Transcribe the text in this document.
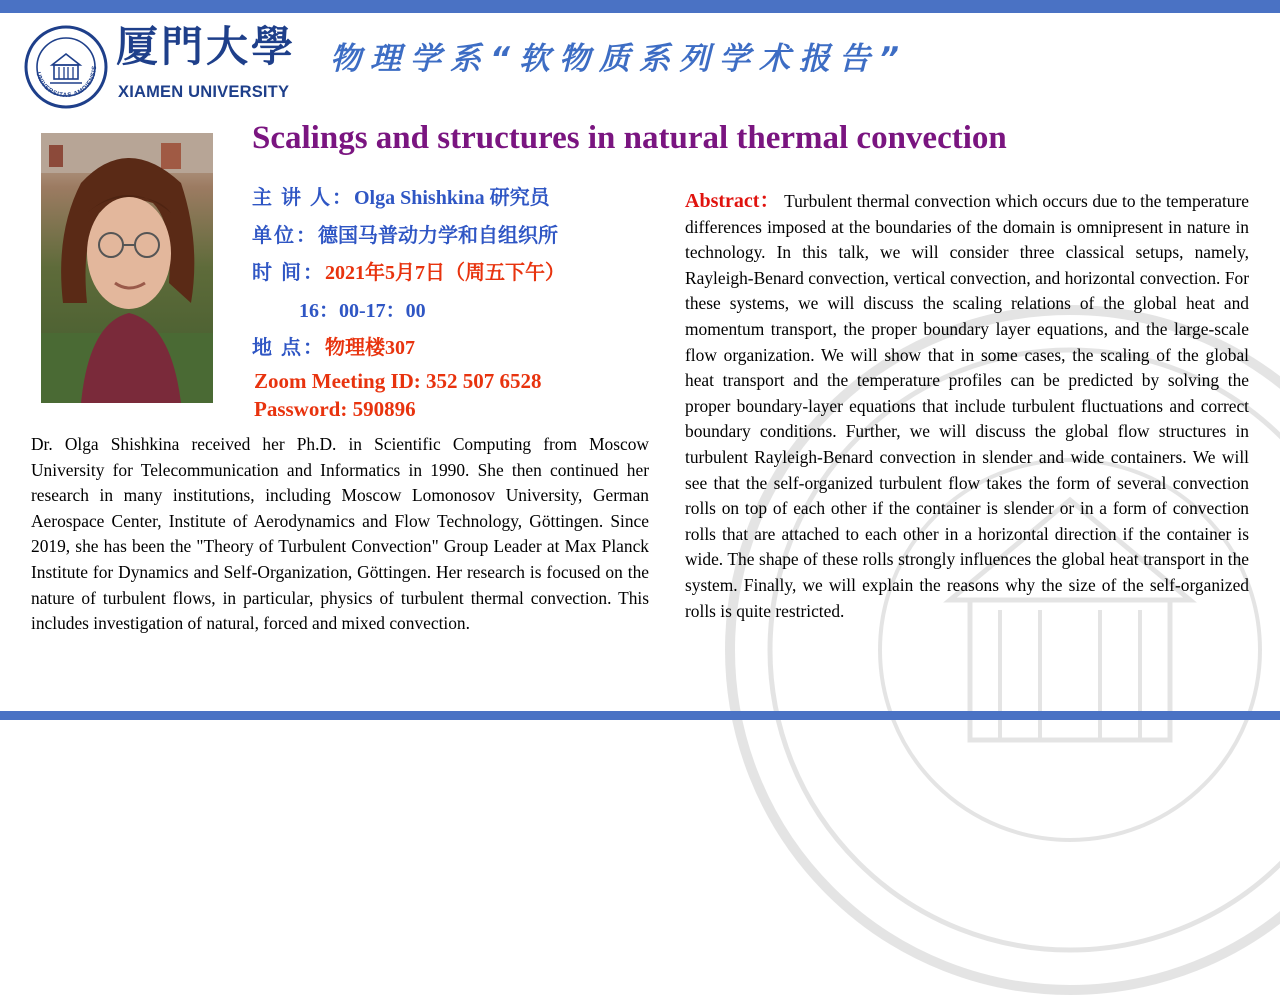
UNIVERSITAS AMOIENSIS 厦門大學
XIAMEN UNIVERSITY
物理学系“软物质系列学术报告”
Scalings and structures in natural thermal convection
主 讲 人：Olga Shishkina 研究员
单位：德国马普动力学和自组织所
时 间：2021年5月7日（周五下午）
16：00-17：00
地 点：物理楼307
Zoom Meeting ID: 352 507 6528
Password: 590896
Dr. Olga Shishkina received her Ph.D. in Scientific Computing from Moscow University for Telecommunication and Informatics in 1990. She then continued her research in many institutions, including Moscow Lomonosov University, German Aerospace Center, Institute of Aerodynamics and Flow Technology, Göttingen. Since 2019, she has been the "Theory of Turbulent Convection" Group Leader at Max Planck Institute for Dynamics and Self-Organization, Göttingen. Her research is focused on the nature of turbulent flows, in particular, physics of turbulent thermal convection. This includes investigation of natural, forced and mixed convection.
Abstract： Turbulent thermal convection which occurs due to the temperature differences imposed at the boundaries of the domain is omnipresent in nature in technology. In this talk, we will consider three classical setups, namely, Rayleigh-Benard convection, vertical convection, and horizontal convection. For these systems, we will discuss the scaling relations of the global heat and momentum transport, the proper boundary layer equations, and the large-scale flow organization. We will show that in some cases, the scaling of the global heat transport and the temperature profiles can be predicted by solving the proper boundary-layer equations that include turbulent fluctuations and correct boundary conditions. Further, we will discuss the global flow structures in turbulent Rayleigh-Benard convection in slender and wide containers. We will see that the self-organized turbulent flow takes the form of several convection rolls on top of each other if the container is slender or in a form of convection rolls that are attached to each other in a horizontal direction if the container is wide. The shape of these rolls strongly influences the global heat transport in the system. Finally, we will explain the reasons why the size of the self-organized rolls is quite restricted.
